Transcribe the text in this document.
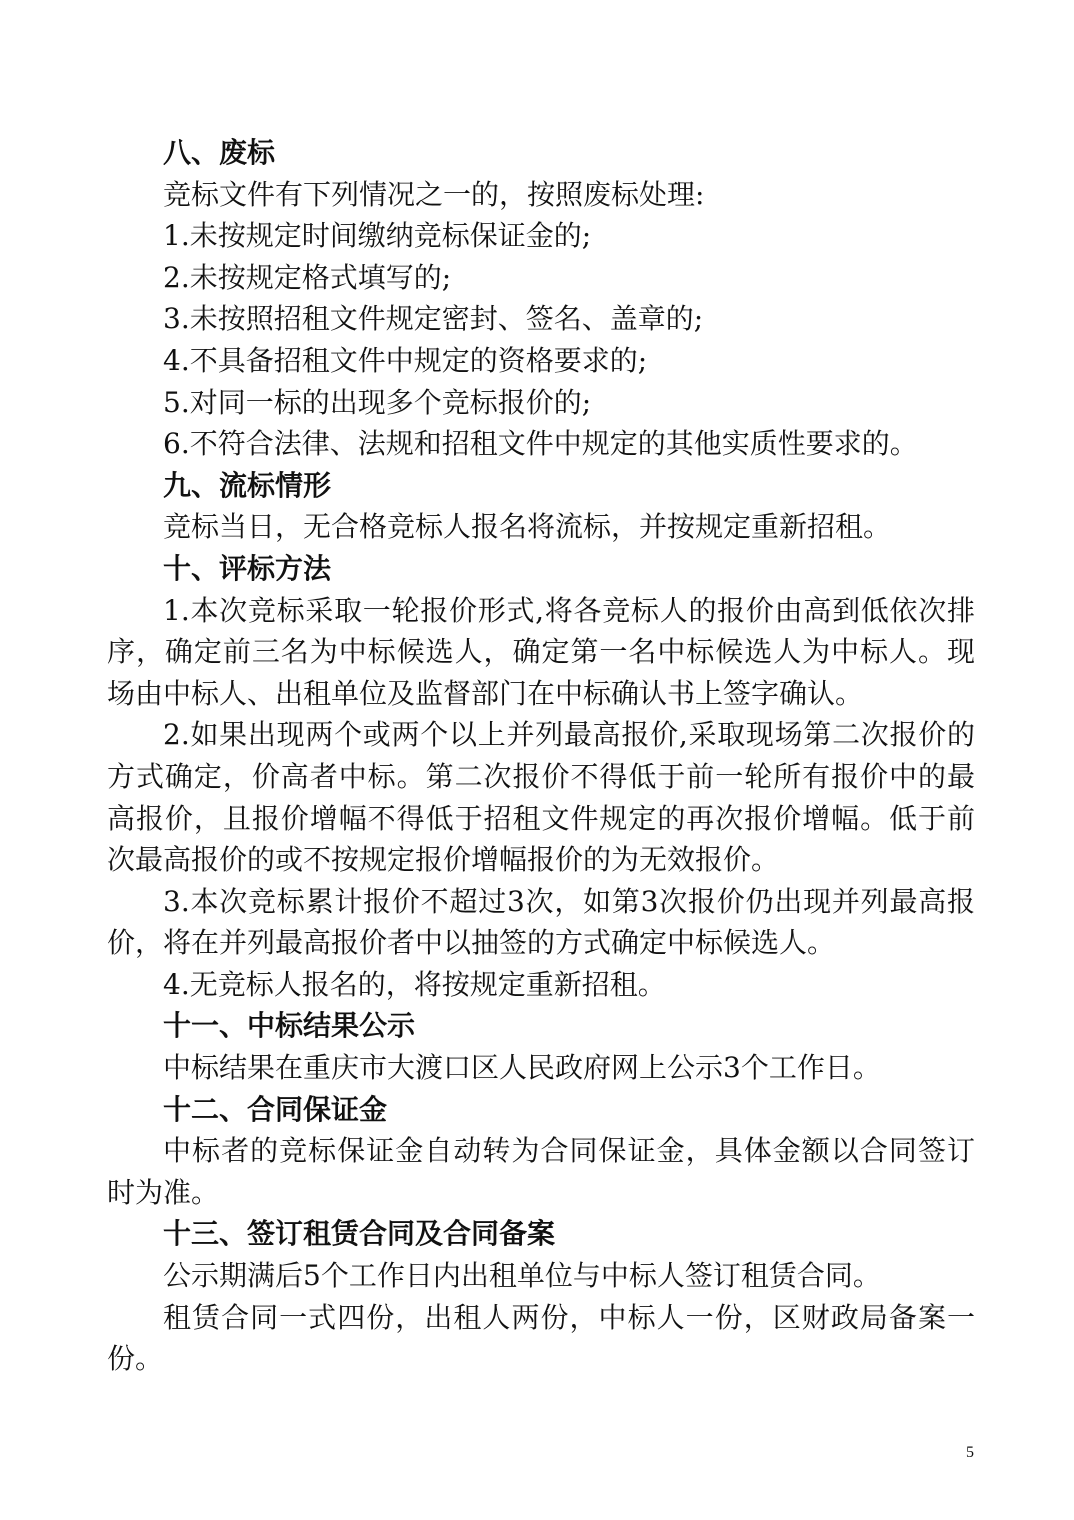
八、废标

竞标文件有下列情况之一的，按照废标处理:

1.未按规定时间缴纳竞标保证金的;

2.未按规定格式填写的;

3.未按照招租文件规定密封、签名、盖章的;

4.不具备招租文件中规定的资格要求的;

5.对同一标的出现多个竞标报价的;

6.不符合法律、法规和招租文件中规定的其他实质性要求的。

九、流标情形

竞标当日，无合格竞标人报名将流标，并按规定重新招租。

十、评标方法

1.本次竞标采取一轮报价形式,将各竞标人的报价由高到低依次排

序，确定前三名为中标候选人，确定第一名中标候选人为中标人。现

场由中标人、出租单位及监督部门在中标确认书上签字确认。

2.如果出现两个或两个以上并列最高报价,采取现场第二次报价的

方式确定，价高者中标。第二次报价不得低于前一轮所有报价中的最

高报价，且报价增幅不得低于招租文件规定的再次报价增幅。低于前

次最高报价的或不按规定报价增幅报价的为无效报价。

3.本次竞标累计报价不超过3次，如第3次报价仍出现并列最高报

价，将在并列最高报价者中以抽签的方式确定中标候选人。

4.无竞标人报名的，将按规定重新招租。

十一、中标结果公示

中标结果在重庆市大渡口区人民政府网上公示3个工作日。

十二、合同保证金

中标者的竞标保证金自动转为合同保证金，具体金额以合同签订

时为准。

十三、签订租赁合同及合同备案

公示期满后5个工作日内出租单位与中标人签订租赁合同。

租赁合同一式四份，出租人两份，中标人一份，区财政局备案一

份。

5
